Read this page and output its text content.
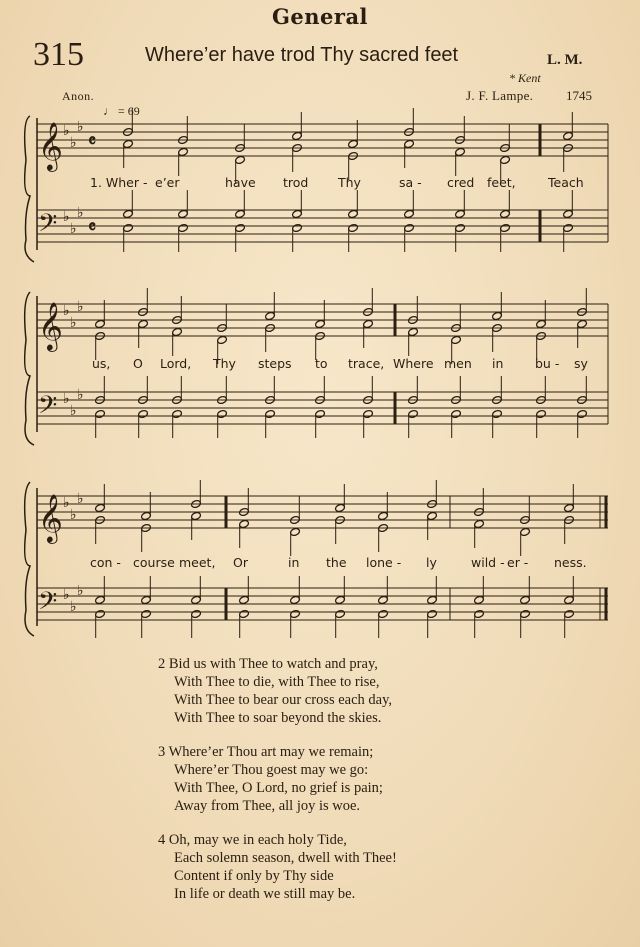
General
315	Where’er have trod Thy sacred feet	L. M.
* Kent
Anon.	J. F. Lampe.	1745
♩ = 69
𝄞
𝄢
𝄞
𝄢
𝄞
𝄢
♭
♭
♭
♭
♭
♭
♭
♭
♭
♭
♭
♭
♭
♭
♭
♭
♭
♭
𝄴
𝄴
1. Wher - e’er	have trod Thy	sa - cred feet,	Teach
us, O Lord, Thy steps to trace, Where men in	bu - sy
con - course meet, Or	in the lone - ly	wild - er - ness.
2 Bid us with Thee to watch and pray,
With Thee to die, with Thee to rise,
With Thee to bear our cross each day,
With Thee to soar beyond the skies.
3 Where’er Thou art may we remain;
Where’er Thou goest may we go:
With Thee, O Lord, no grief is pain;
Away from Thee, all joy is woe.
4 Oh, may we in each holy Tide,
Each solemn season, dwell with Thee!
Content if only by Thy side
In life or death we still may be.
